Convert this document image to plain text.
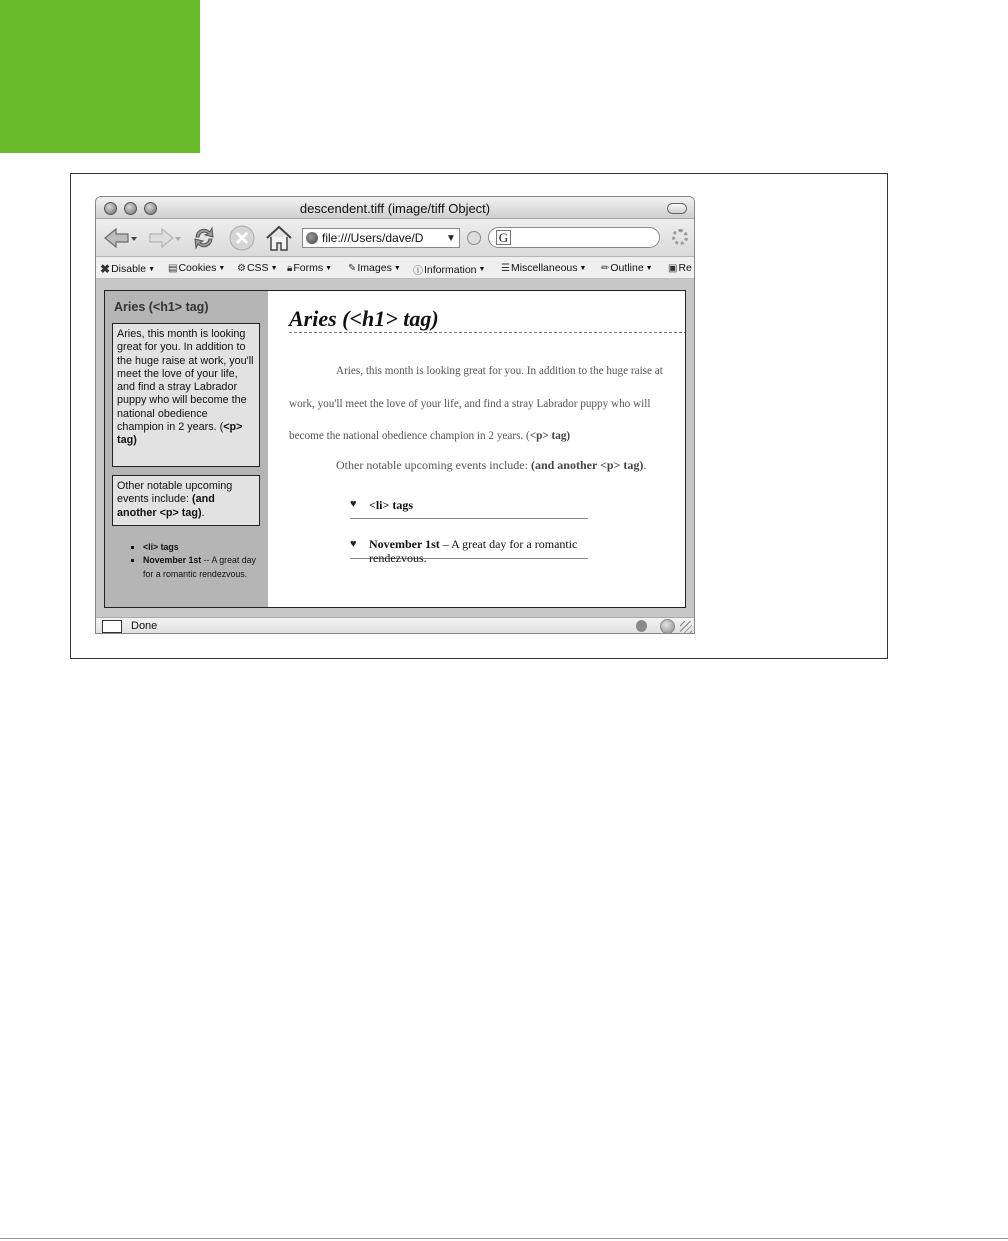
descendent.tiff (image/tiff Object)
file:///Users/dave/D	▼	G
✖ Disable ▼ ▤ Cookies ▼ ⚙ CSS ▼ 🔒︎ Forms ▼ ✎ Images ▼ ⓘ Information ▼ ☰ Miscellaneous ▼ ✏︎ Outline ▼ ▣ Re
Aries (<h1> tag)
Aries, this month is looking great for you. In addition to the huge raise at work, you'll meet the love of your life, and find a stray Labrador puppy who will become the national obedience champion in 2 years. (<p> tag)
Other notable upcoming events include: (and another <p> tag).
<li> tags
November 1st -- A great day for a romantic rendezvous.
Aries (<h1> tag)
Aries, this month is looking great for you. In addition to the huge raise at work, you'll meet the love of your life, and find a stray Labrador puppy who will become the national obedience champion in 2 years. (<p> tag)
Other notable upcoming events include: (and another <p> tag).
♥ <li> tags
♥ November 1st – A great day for a romantic rendezvous.
Done
